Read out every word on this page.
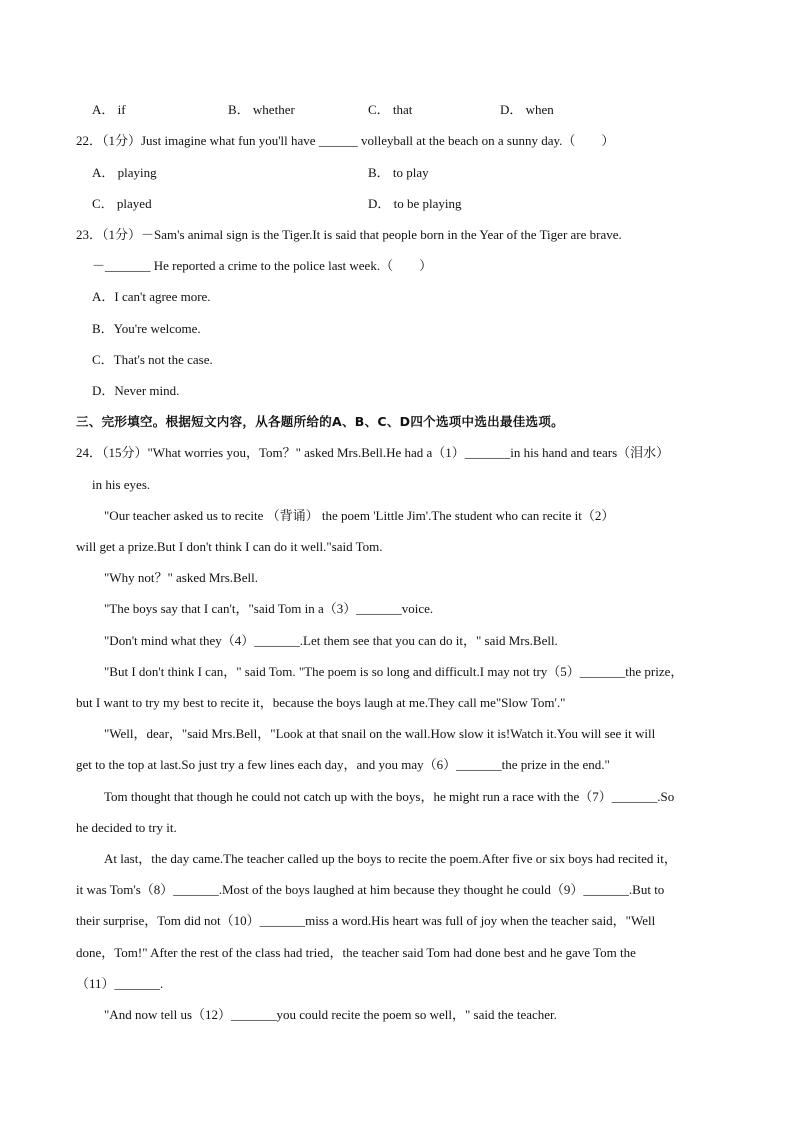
A． if	B． whether	C． that	D． when
22．（1分）Just imagine what fun you'll have ______ volleyball at the beach on a sunny day.（　　）
A． playing	B． to play
C． played	D． to be playing
23．（1分）－Sam's animal sign is the Tiger.It is said that people born in the Year of the Tiger are brave.
－_______ He reported a crime to the police last week.（　　）
A．I can't agree more.
B．You're welcome.
C．That's not the case.
D．Never mind.
三、完形填空。根据短文内容，从各题所给的A、B、C、D四个选项中选出最佳选项。
24．（15分）"What worries you，Tom？" asked Mrs.Bell.He had a（1）_______in his hand and tears（泪水）
in his eyes.
"Our teacher asked us to recite （背诵） the poem 'Little Jim'.The student who can recite it（2）
will get a prize.But I don't think I can do it well."said Tom.
"Why not？" asked Mrs.Bell.
"The boys say that I can't，"said Tom in a（3）_______voice.
"Don't mind what they（4）_______.Let them see that you can do it，" said Mrs.Bell.
"But I don't think I can，" said Tom. "The poem is so long and difficult.I may not try（5）_______the prize，
but I want to try my best to recite it，because the boys laugh at me.They call me"Slow Tom'."
"Well，dear，"said Mrs.Bell，"Look at that snail on the wall.How slow it is!Watch it.You will see it will
get to the top at last.So just try a few lines each day，and you may（6）_______the prize in the end."
Tom thought that though he could not catch up with the boys，he might run a race with the（7）_______.So
he decided to try it.
At last，the day came.The teacher called up the boys to recite the poem.After five or six boys had recited it，
it was Tom's（8）_______.Most of the boys laughed at him because they thought he could（9）_______.But to
their surprise，Tom did not（10）_______miss a word.His heart was full of joy when the teacher said，"Well
done，Tom!" After the rest of the class had tried，the teacher said Tom had done best and he gave Tom the
（11）_______.
"And now tell us（12）_______you could recite the poem so well，" said the teacher.
